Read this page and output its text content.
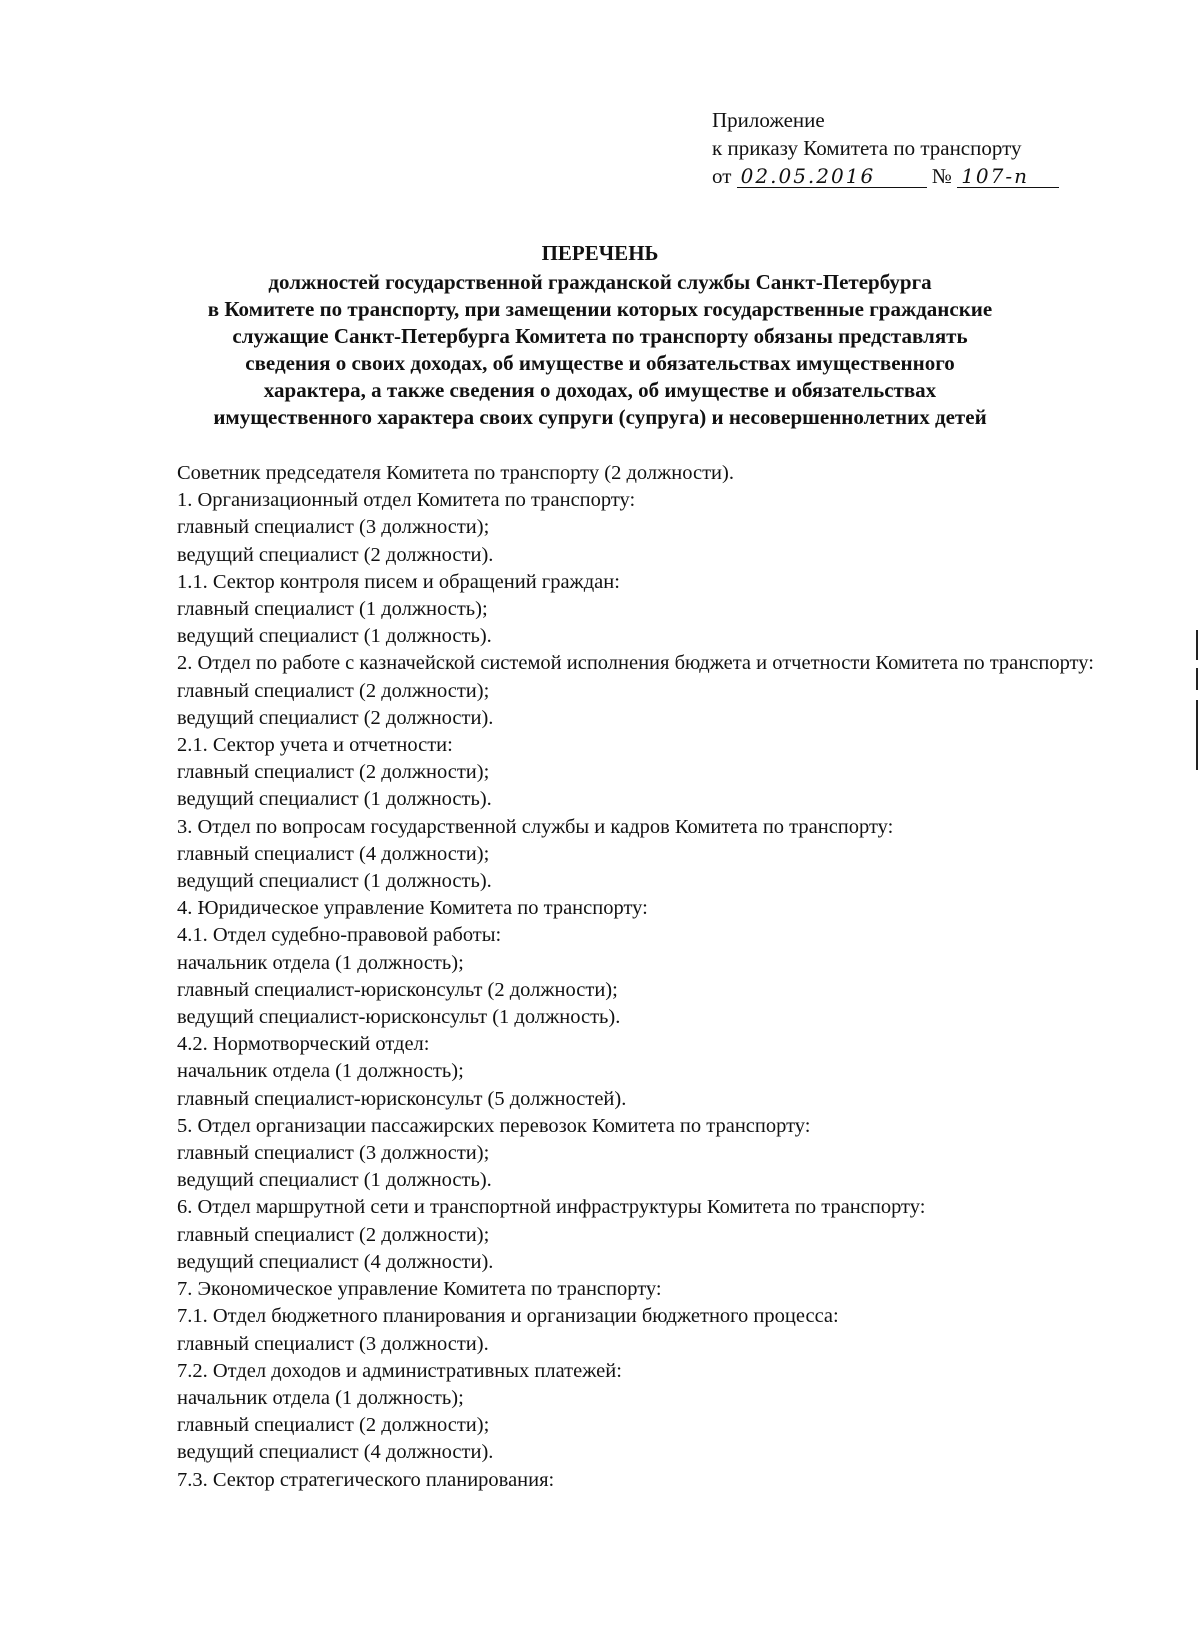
Приложение
к приказу Комитета по транспорту
от 02.05.2016	№ 107-п
ПЕРЕЧЕНЬ
должностей государственной гражданской службы Санкт-Петербурга
в Комитете по транспорту, при замещении которых государственные гражданские
служащие Санкт-Петербурга Комитета по транспорту обязаны представлять
сведения о своих доходах, об имуществе и обязательствах имущественного
характера, а также сведения о доходах, об имуществе и обязательствах
имущественного характера своих супруги (супруга) и несовершеннолетних детей
Советник председателя Комитета по транспорту (2 должности).
1. Организационный отдел Комитета по транспорту:
главный специалист (3 должности);
ведущий специалист (2 должности).
1.1. Сектор контроля писем и обращений граждан:
главный специалист (1 должность);
ведущий специалист (1 должность).
2. Отдел по работе с казначейской системой исполнения бюджета и отчетности Комитета по транспорту:
главный специалист (2 должности);
ведущий специалист (2 должности).
2.1. Сектор учета и отчетности:
главный специалист (2 должности);
ведущий специалист (1 должность).
3. Отдел по вопросам государственной службы и кадров Комитета по транспорту:
главный специалист (4 должности);
ведущий специалист (1 должность).
4. Юридическое управление Комитета по транспорту:
4.1. Отдел судебно-правовой работы:
начальник отдела (1 должность);
главный специалист-юрисконсульт (2 должности);
ведущий специалист-юрисконсульт (1 должность).
4.2. Нормотворческий отдел:
начальник отдела (1 должность);
главный специалист-юрисконсульт (5 должностей).
5. Отдел организации пассажирских перевозок Комитета по транспорту:
главный специалист (3 должности);
ведущий специалист (1 должность).
6. Отдел маршрутной сети и транспортной инфраструктуры Комитета по транспорту:
главный специалист (2 должности);
ведущий специалист (4 должности).
7. Экономическое управление Комитета по транспорту:
7.1. Отдел бюджетного планирования и организации бюджетного процесса:
главный специалист (3 должности).
7.2. Отдел доходов и административных платежей:
начальник отдела (1 должность);
главный специалист (2 должности);
ведущий специалист (4 должности).
7.3. Сектор стратегического планирования:
